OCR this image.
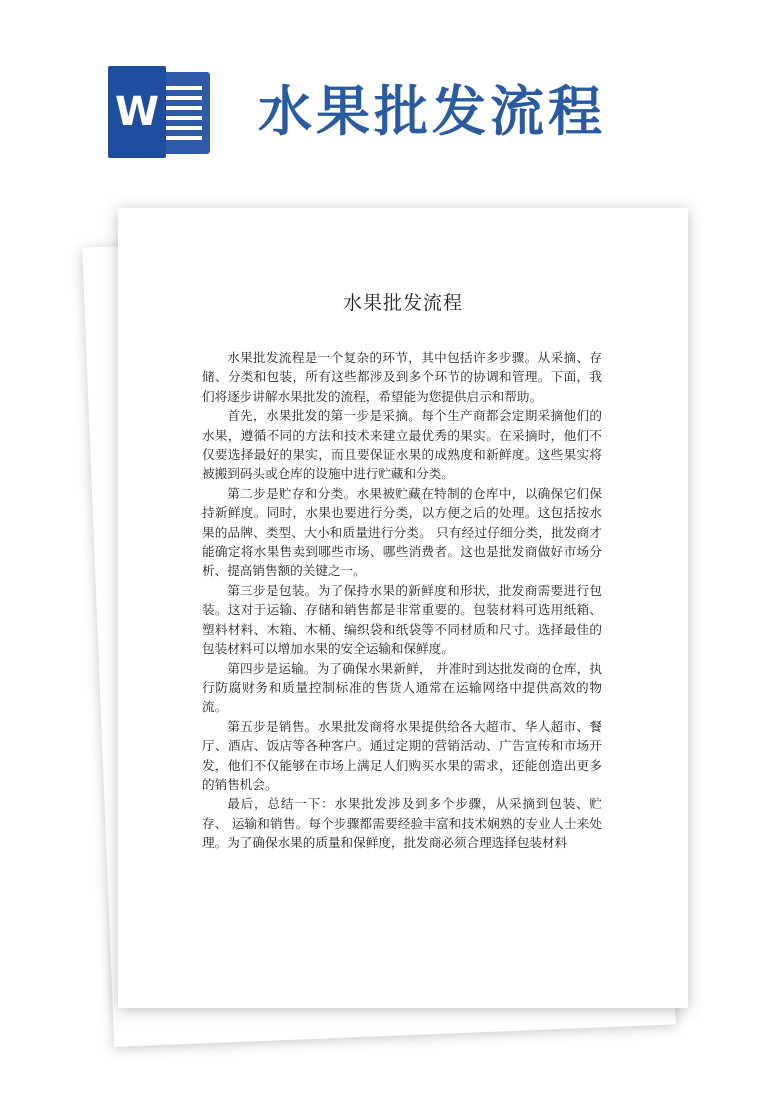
W 水果批发流程
水果批发流程

水果批发流程是一个复杂的环节，其中包括许多步骤。从采摘、存储、分类和包装，所有这些都涉及到多个环节的协调和管理。下面，我们将逐步讲解水果批发的流程，希望能为您提供启示和帮助。

首先，水果批发的第一步是采摘。每个生产商都会定期采摘他们的水果，遵循不同的方法和技术来建立最优秀的果实。在采摘时，他们不仅要选择最好的果实，而且要保证水果的成熟度和新鲜度。这些果实将被搬到码头或仓库的设施中进行贮藏和分类。

第二步是贮存和分类。水果被贮藏在特制的仓库中，以确保它们保持新鲜度。同时，水果也要进行分类，以方便之后的处理。这包括按水果的品牌、类型、大小和质量进行分类。 只有经过仔细分类，批发商才能确定将水果售卖到哪些市场、哪些消费者。这也是批发商做好市场分析、提高销售额的关键之一。

第三步是包装。为了保持水果的新鲜度和形状，批发商需要进行包装。这对于运输、存储和销售都是非常重要的。包装材料可选用纸箱、塑料材料、木箱、木桶、编织袋和纸袋等不同材质和尺寸。选择最佳的包装材料可以增加水果的安全运输和保鲜度。

第四步是运输。为了确保水果新鲜， 并准时到达批发商的仓库，执行防腐财务和质量控制标准的售货人通常在运输网络中提供高效的物流。

第五步是销售。水果批发商将水果提供给各大超市、华人超市、餐厅、酒店、饭店等各种客户。通过定期的营销活动、广告宣传和市场开发，他们不仅能够在市场上满足人们购买水果的需求，还能创造出更多的销售机会。

最后，总结一下：水果批发涉及到多个步骤，从采摘到包装、贮存、 运输和销售。每个步骤都需要经验丰富和技术娴熟的专业人士来处理。为了确保水果的质量和保鲜度，批发商必须合理选择包装材料
